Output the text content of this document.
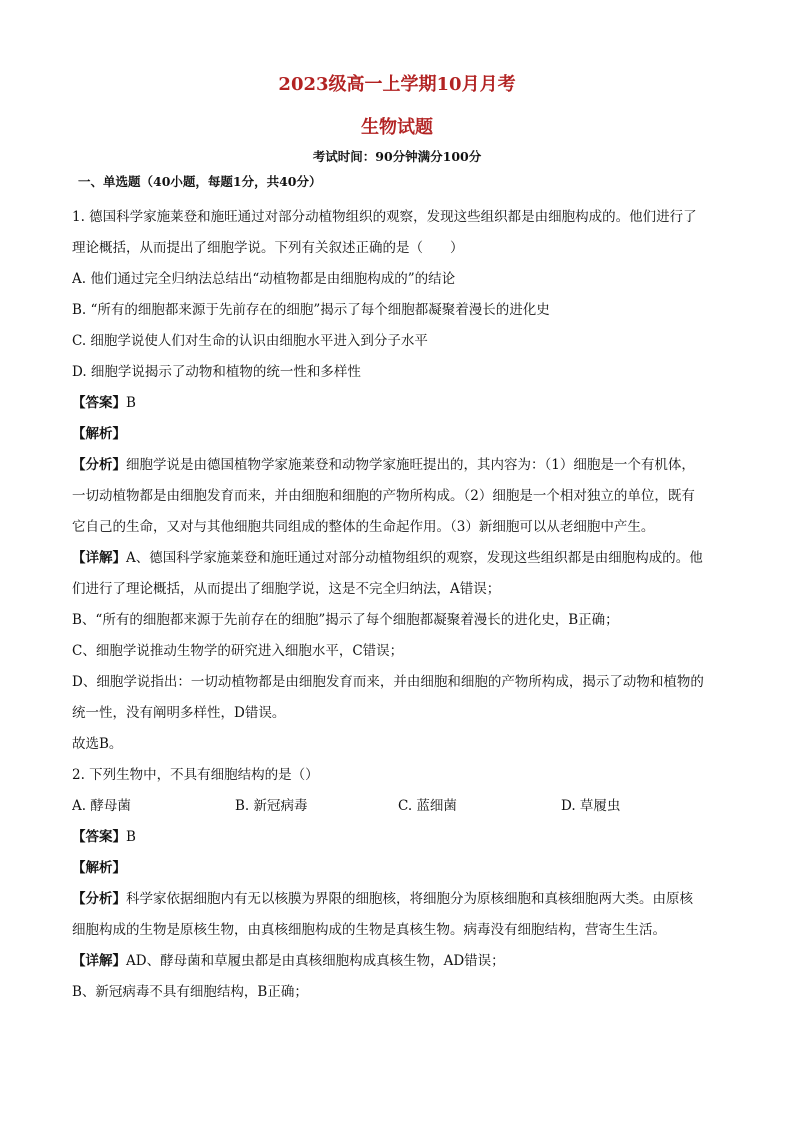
2023级高一上学期10月月考
生物试题
考试时间：90分钟满分100分
一、单选题（40小题，每题1分，共40分）
1. 德国科学家施莱登和施旺通过对部分动植物组织的观察，发现这些组织都是由细胞构成的。他们进行了
理论概括，从而提出了细胞学说。下列有关叙述正确的是（　　）
A. 他们通过完全归纳法总结出“动植物都是由细胞构成的”的结论
B. “所有的细胞都来源于先前存在的细胞”揭示了每个细胞都凝聚着漫长的进化史
C. 细胞学说使人们对生命的认识由细胞水平进入到分子水平
D. 细胞学说揭示了动物和植物的统一性和多样性
【答案】B
【解析】
【分析】细胞学说是由德国植物学家施莱登和动物学家施旺提出的，其内容为：（1）细胞是一个有机体，
一切动植物都是由细胞发育而来，并由细胞和细胞的产物所构成。（2）细胞是一个相对独立的单位，既有
它自己的生命，又对与其他细胞共同组成的整体的生命起作用。（3）新细胞可以从老细胞中产生。
【详解】A、德国科学家施莱登和施旺通过对部分动植物组织的观察，发现这些组织都是由细胞构成的。他
们进行了理论概括，从而提出了细胞学说，这是不完全归纳法，A错误；
B、“所有的细胞都来源于先前存在的细胞”揭示了每个细胞都凝聚着漫长的进化史，B正确；
C、细胞学说推动生物学的研究进入细胞水平，C错误；
D、细胞学说指出：一切动植物都是由细胞发育而来，并由细胞和细胞的产物所构成，揭示了动物和植物的
统一性，没有阐明多样性，D错误。
故选B。
2. 下列生物中，不具有细胞结构的是（）
A. 酵母菌	B. 新冠病毒	C. 蓝细菌	D. 草履虫
【答案】B
【解析】
【分析】科学家依据细胞内有无以核膜为界限的细胞核，将细胞分为原核细胞和真核细胞两大类。由原核
细胞构成的生物是原核生物，由真核细胞构成的生物是真核生物。病毒没有细胞结构，营寄生生活。
【详解】AD、酵母菌和草履虫都是由真核细胞构成真核生物，AD错误；
B、新冠病毒不具有细胞结构，B正确；
